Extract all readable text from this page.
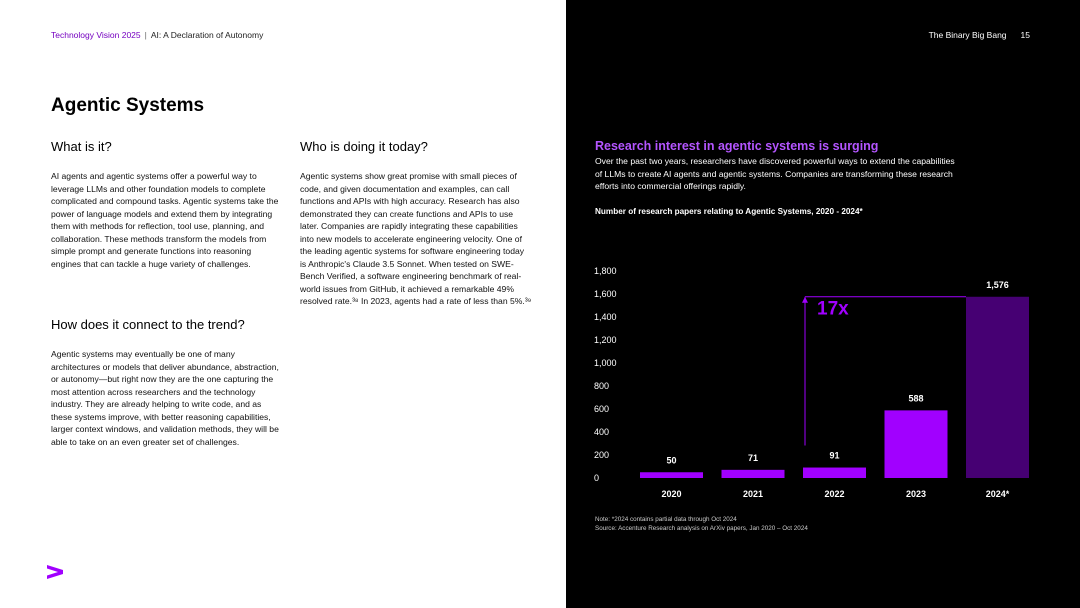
Technology Vision 2025 | AI: A Declaration of Autonomy
Agentic Systems
What is it?

AI agents and agentic systems offer a powerful way to leverage LLMs and other foundation models to complete complicated and compound tasks. Agentic systems take the power of language models and extend them by integrating them with methods for reflection, tool use, planning, and collaboration. These methods transform the models from simple prompt and generate functions into reasoning engines that can tackle a huge variety of challenges.

How does it connect to the trend?

Agentic systems may eventually be one of many architectures or models that deliver abundance, abstraction, or autonomy—but right now they are the one capturing the most attention across researchers and the technology industry. They are already helping to write code, and as these systems improve, with better reasoning capabilities, larger context windows, and validation methods, they will be able to take on an even greater set of challenges.

Who is doing it today?

Agentic systems show great promise with small pieces of code, and given documentation and examples, can call functions and APIs with high accuracy. Research has also demonstrated they can create functions and APIs to use later. Companies are rapidly integrating these capabilities into new models to accelerate engineering velocity. One of the leading agentic systems for software engineering today is Anthropic's Claude 3.5 Sonnet. When tested on SWE-Bench Verified, a software engineering benchmark of real-world issues from GitHub, it achieved a remarkable 49% resolved rate.³⁸ In 2023, agents had a rate of less than 5%.³⁹

The Binary Big Bang 15
Research interest in agentic systems is surging

Over the past two years, researchers have discovered powerful ways to extend the capabilities of LLMs to create AI agents and agentic systems. Companies are transforming these research efforts into commercial offerings rapidly.

Number of research papers relating to Agentic Systems, 2020 - 2024*

0
200
400
600
800
1,000
1,200
1,400
1,600
1,800
50
2020
71
2021
91
2022
588
2023
1,576
2024*
17x
Note: *2024 contains partial data through Oct 2024
Source: Accenture Research analysis on ArXiv papers, Jan 2020 – Oct 2024
